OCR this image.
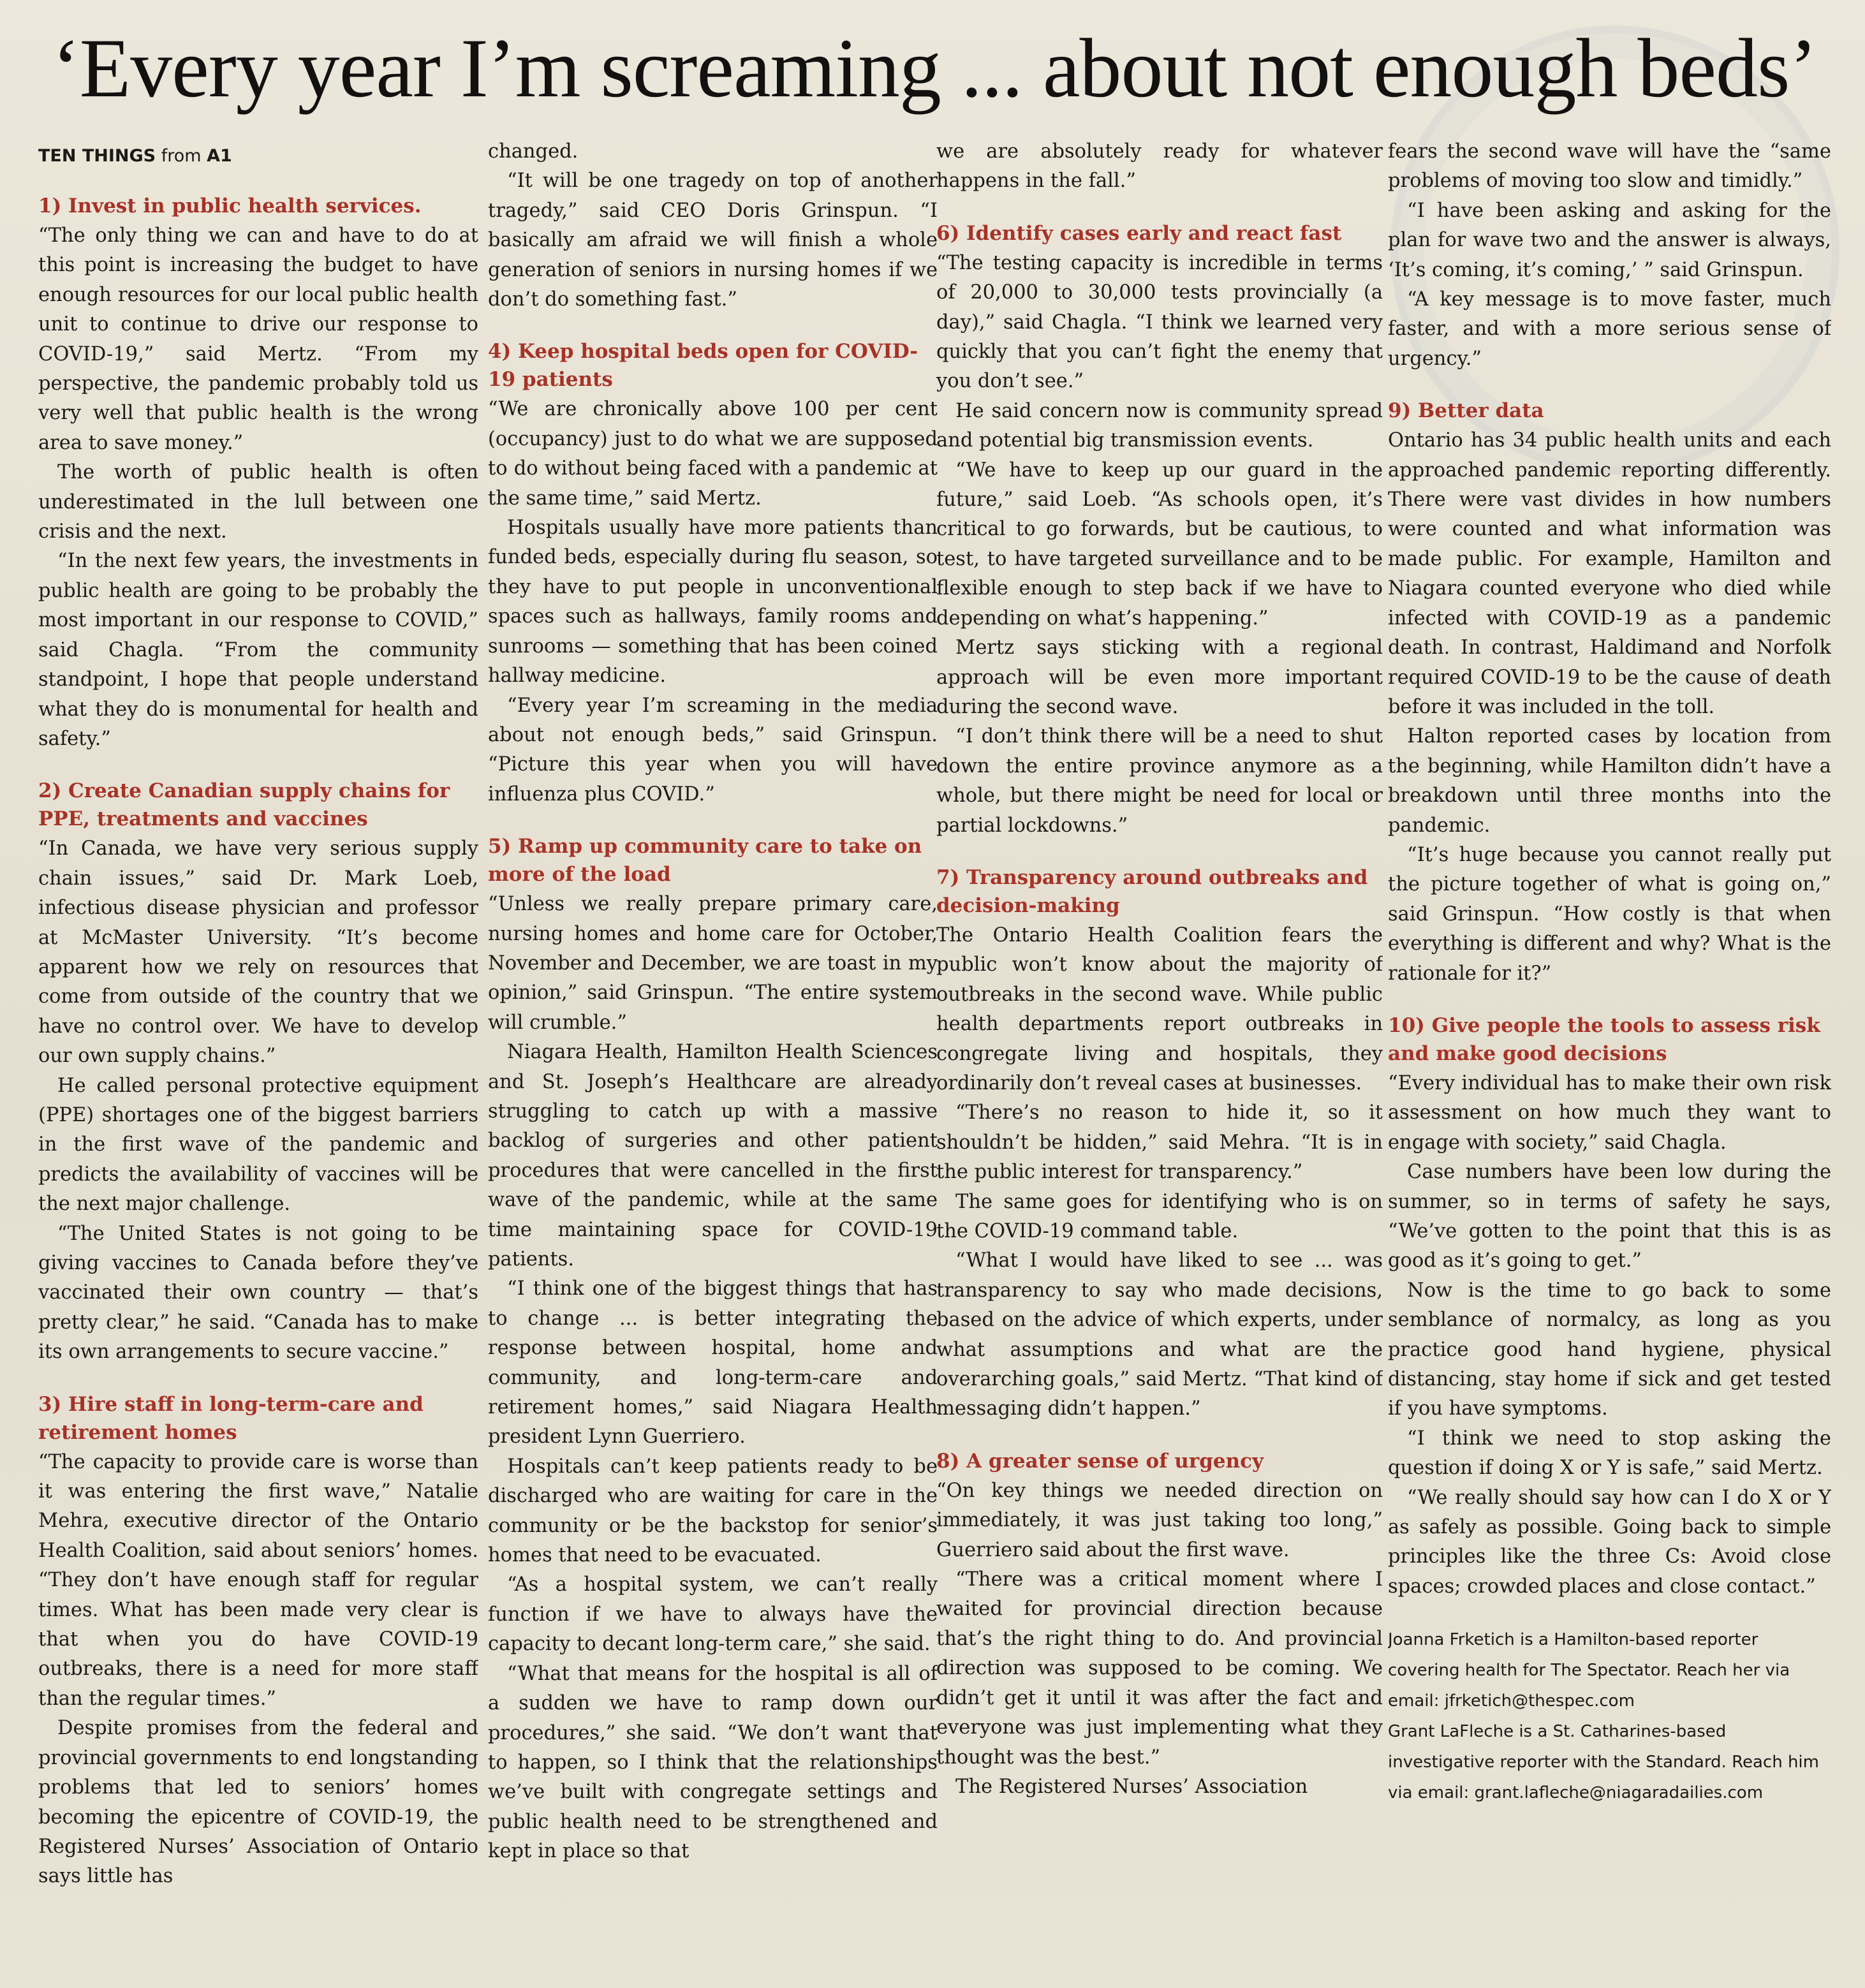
‘Every year I’m screaming ... about not enough beds’
TEN THINGS from A1
1) Invest in public health services.

“The only thing we can and have to do at this point is increasing the budget to have enough resources for our local public health unit to continue to drive our response to COVID-19,” said Mertz. “From my perspective, the pandemic probably told us very well that public health is the wrong area to save money.”

The worth of public health is often underestimated in the lull between one crisis and the next.

“In the next few years, the investments in public health are going to be probably the most important in our response to COVID,” said Chagla. “From the community standpoint, I hope that people understand what they do is monumental for health and safety.”

2) Create Canadian supply chains for PPE, treatments and vaccines

“In Canada, we have very serious supply chain issues,” said Dr. Mark Loeb, infectious disease physician and professor at McMaster University. “It’s become apparent how we rely on resources that come from outside of the country that we have no control over. We have to develop our own supply chains.”

He called personal protective equipment (PPE) shortages one of the biggest barriers in the first wave of the pandemic and predicts the availability of vaccines will be the next major challenge.

“The United States is not going to be giving vaccines to Canada before they’ve vaccinated their own country — that’s pretty clear,” he said. “Canada has to make its own arrangements to secure vaccine.”

3) Hire staff in long-term-care and retirement homes

“The capacity to provide care is worse than it was entering the first wave,” Natalie Mehra, executive director of the Ontario Health Coalition, said about seniors’ homes. “They don’t have enough staff for regular times. What has been made very clear is that when you do have COVID-19 outbreaks, there is a need for more staff than the regular times.”

Despite promises from the federal and provincial governments to end longstanding problems that led to seniors’ homes becoming the epicentre of COVID-19, the Registered Nurses’ Association of Ontario says little has

changed.

“It will be one tragedy on top of another tragedy,” said CEO Doris Grinspun. “I basically am afraid we will finish a whole generation of seniors in nursing homes if we don’t do something fast.”

4) Keep hospital beds open for COVID-19 patients

“We are chronically above 100 per cent (occupancy) just to do what we are supposed to do without being faced with a pandemic at the same time,” said Mertz.

Hospitals usually have more patients than funded beds, especially during flu season, so they have to put people in unconventional spaces such as hallways, family rooms and sunrooms — something that has been coined hallway medicine.

“Every year I’m screaming in the media about not enough beds,” said Grinspun. “Picture this year when you will have influenza plus COVID.”

5) Ramp up community care to take on more of the load

“Unless we really prepare primary care, nursing homes and home care for October, November and December, we are toast in my opinion,” said Grinspun. “The entire system will crumble.”

Niagara Health, Hamilton Health Sciences and St. Joseph’s Healthcare are already struggling to catch up with a massive backlog of surgeries and other patient procedures that were cancelled in the first wave of the pandemic, while at the same time maintaining space for COVID-19 patients.

“I think one of the biggest things that has to change ... is better integrating the response between hospital, home and community, and long-term-care and retirement homes,” said Niagara Health president Lynn Guerriero.

Hospitals can’t keep patients ready to be discharged who are waiting for care in the community or be the backstop for senior’s homes that need to be evacuated.

“As a hospital system, we can’t really function if we have to always have the capacity to decant long-term care,” she said.

“What that means for the hospital is all of a sudden we have to ramp down our procedures,” she said. “We don’t want that to happen, so I think that the relationships we’ve built with congregate settings and public health need to be strengthened and kept in place so that

we are absolutely ready for whatever happens in the fall.”

6) Identify cases early and react fast

“The testing capacity is incredible in terms of 20,000 to 30,000 tests provincially (a day),” said Chagla. “I think we learned very quickly that you can’t fight the enemy that you don’t see.”

He said concern now is community spread and potential big transmission events.

“We have to keep up our guard in the future,” said Loeb. “As schools open, it’s critical to go forwards, but be cautious, to test, to have targeted surveillance and to be flexible enough to step back if we have to depending on what’s happening.”

Mertz says sticking with a regional approach will be even more important during the second wave.

“I don’t think there will be a need to shut down the entire province anymore as a whole, but there might be need for local or partial lockdowns.”

7) Transparency around outbreaks and decision-making

The Ontario Health Coalition fears the public won’t know about the majority of outbreaks in the second wave. While public health departments report outbreaks in congregate living and hospitals, they ordinarily don’t reveal cases at businesses.

“There’s no reason to hide it, so it shouldn’t be hidden,” said Mehra. “It is in the public interest for transparency.”

The same goes for identifying who is on the COVID-19 command table.

“What I would have liked to see ... was transparency to say who made decisions, based on the advice of which experts, under what assumptions and what are the overarching goals,” said Mertz. “That kind of messaging didn’t happen.”

8) A greater sense of urgency

“On key things we needed direction on immediately, it was just taking too long,” Guerriero said about the first wave.

“There was a critical moment where I waited for provincial direction because that’s the right thing to do. And provincial direction was supposed to be coming. We didn’t get it until it was after the fact and everyone was just implementing what they thought was the best.”

The Registered Nurses’ Association

fears the second wave will have the “same problems of moving too slow and timidly.”

“I have been asking and asking for the plan for wave two and the answer is always, ‘It’s coming, it’s coming,’ ” said Grinspun.

“A key message is to move faster, much faster, and with a more serious sense of urgency.”

9) Better data

Ontario has 34 public health units and each approached pandemic reporting differently. There were vast divides in how numbers were counted and what information was made public. For example, Hamilton and Niagara counted everyone who died while infected with COVID-19 as a pandemic death. In contrast, Haldimand and Norfolk required COVID-19 to be the cause of death before it was included in the toll.

Halton reported cases by location from the beginning, while Hamilton didn’t have a breakdown until three months into the pandemic.

“It’s huge because you cannot really put the picture together of what is going on,” said Grinspun. “How costly is that when everything is different and why? What is the rationale for it?”

10) Give people the tools to assess risk and make good decisions

“Every individual has to make their own risk assessment on how much they want to engage with society,” said Chagla.

Case numbers have been low during the summer, so in terms of safety he says, “We’ve gotten to the point that this is as good as it’s going to get.”

Now is the time to go back to some semblance of normalcy, as long as you practice good hand hygiene, physical distancing, stay home if sick and get tested if you have symptoms.

“I think we need to stop asking the question if doing X or Y is safe,” said Mertz.

“We really should say how can I do X or Y as safely as possible. Going back to simple principles like the three Cs: Avoid close spaces; crowded places and close contact.”

Joanna Frketich is a Hamilton-based reporter covering health for The Spectator. Reach her via email: jfrketich@thespec.com

Grant LaFleche is a St. Catharines-based investigative reporter with the Standard. Reach him via email: grant.lafleche@niagaradailies.com
